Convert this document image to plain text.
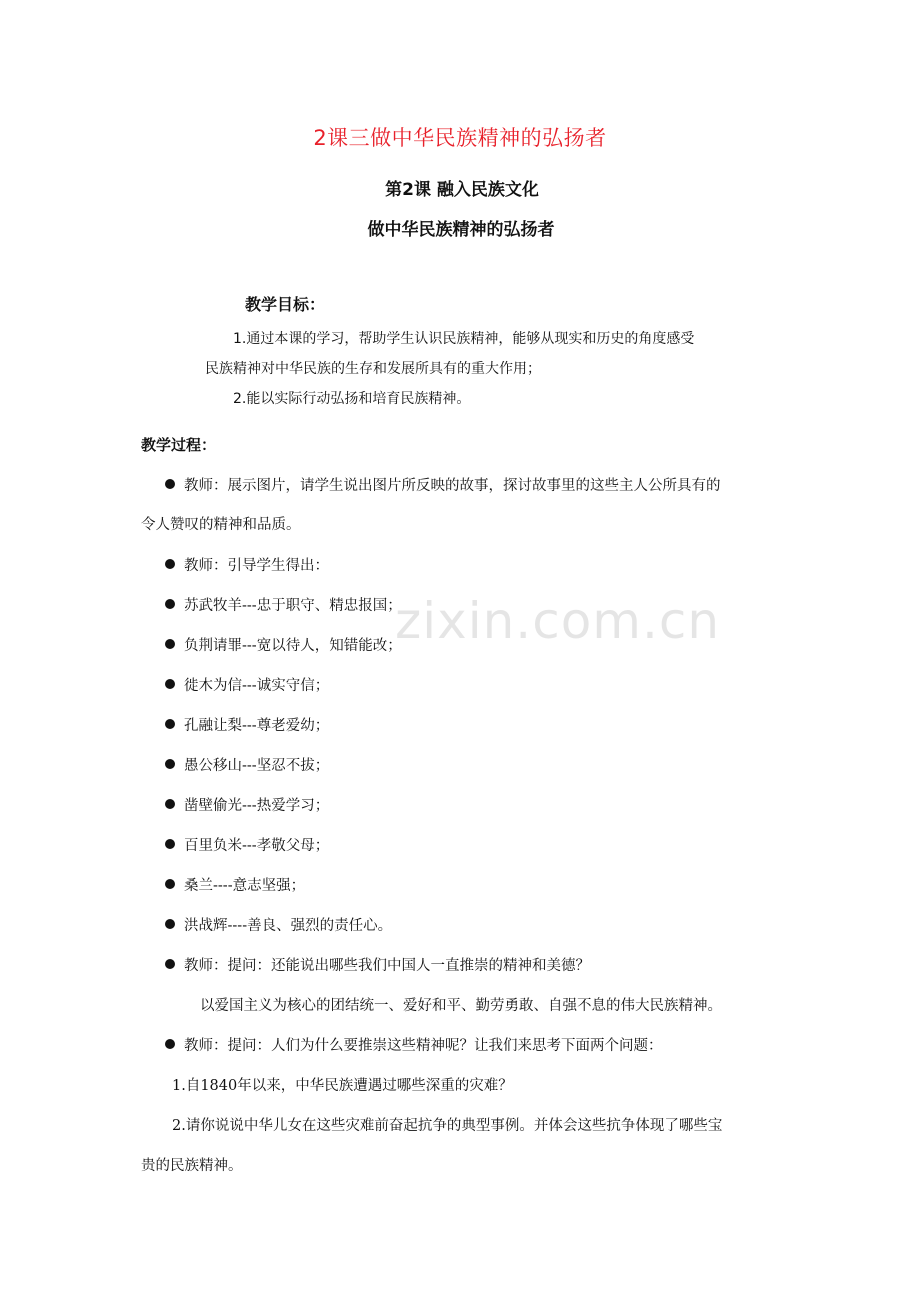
2课三做中华民族精神的弘扬者
第2课 融入民族文化
做中华民族精神的弘扬者
教学目标：
1.通过本课的学习，帮助学生认识民族精神，能够从现实和历史的角度感受
民族精神对中华民族的生存和发展所具有的重大作用；
2.能以实际行动弘扬和培育民族精神。
教学过程：
教师：展示图片，请学生说出图片所反映的故事，探讨故事里的这些主人公所具有的
令人赞叹的精神和品质。
教师：引导学生得出：
苏武牧羊---忠于职守、精忠报国；
负荆请罪---宽以待人，知错能改；
徙木为信---诚实守信；
孔融让梨---尊老爱幼；
愚公移山---坚忍不拔；
凿壁偷光---热爱学习；
百里负米---孝敬父母；
桑兰----意志坚强；
洪战辉----善良、强烈的责任心。
教师：提问：还能说出哪些我们中国人一直推崇的精神和美德？
以爱国主义为核心的团结统一、爱好和平、勤劳勇敢、自强不息的伟大民族精神。
教师：提问：人们为什么要推崇这些精神呢？让我们来思考下面两个问题：
1.自1840年以来，中华民族遭遇过哪些深重的灾难？
2.请你说说中华儿女在这些灾难前奋起抗争的典型事例。并体会这些抗争体现了哪些宝
贵的民族精神。
zixin.com.cn
